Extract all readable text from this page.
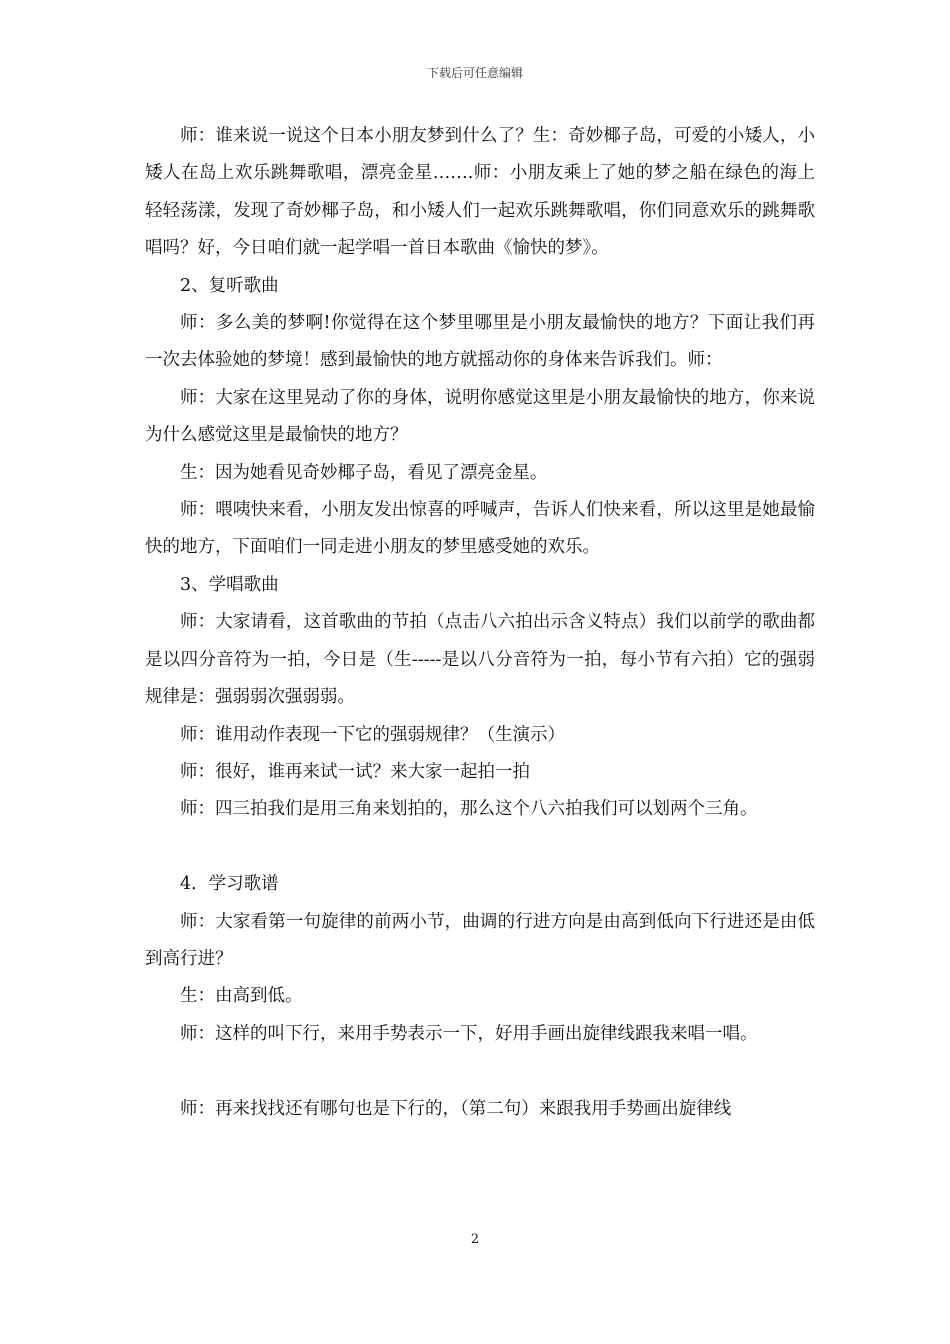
下载后可任意编辑

师：谁来说一说这个日本小朋友梦到什么了？生：奇妙椰子岛，可爱的小矮人，小矮人在岛上欢乐跳舞歌唱，漂亮金星…….师：小朋友乘上了她的梦之船在绿色的海上轻轻荡漾，发现了奇妙椰子岛，和小矮人们一起欢乐跳舞歌唱，你们同意欢乐的跳舞歌唱吗？好，今日咱们就一起学唱一首日本歌曲《愉快的梦》。

2、复听歌曲

师：多么美的梦啊!你觉得在这个梦里哪里是小朋友最愉快的地方？下面让我们再一次去体验她的梦境！感到最愉快的地方就摇动你的身体来告诉我们。师：

师：大家在这里晃动了你的身体，说明你感觉这里是小朋友最愉快的地方，你来说为什么感觉这里是最愉快的地方？

生：因为她看见奇妙椰子岛，看见了漂亮金星。

师：喂咦快来看，小朋友发出惊喜的呼喊声，告诉人们快来看，所以这里是她最愉快的地方，下面咱们一同走进小朋友的梦里感受她的欢乐。

3、学唱歌曲

师：大家请看，这首歌曲的节拍（点击八六拍出示含义特点）我们以前学的歌曲都是以四分音符为一拍，今日是（生-----是以八分音符为一拍，每小节有六拍）它的强弱规律是：强弱弱次强弱弱。

师：谁用动作表现一下它的强弱规律？（生演示）

师：很好，谁再来试一试？来大家一起拍一拍

师：四三拍我们是用三角来划拍的，那么这个八六拍我们可以划两个三角。

4．学习歌谱

师：大家看第一句旋律的前两小节，曲调的行进方向是由高到低向下行进还是由低到高行进？

生：由高到低。

师：这样的叫下行，来用手势表示一下，好用手画出旋律线跟我来唱一唱。

师：再来找找还有哪句也是下行的，（第二句）来跟我用手势画出旋律线

2
